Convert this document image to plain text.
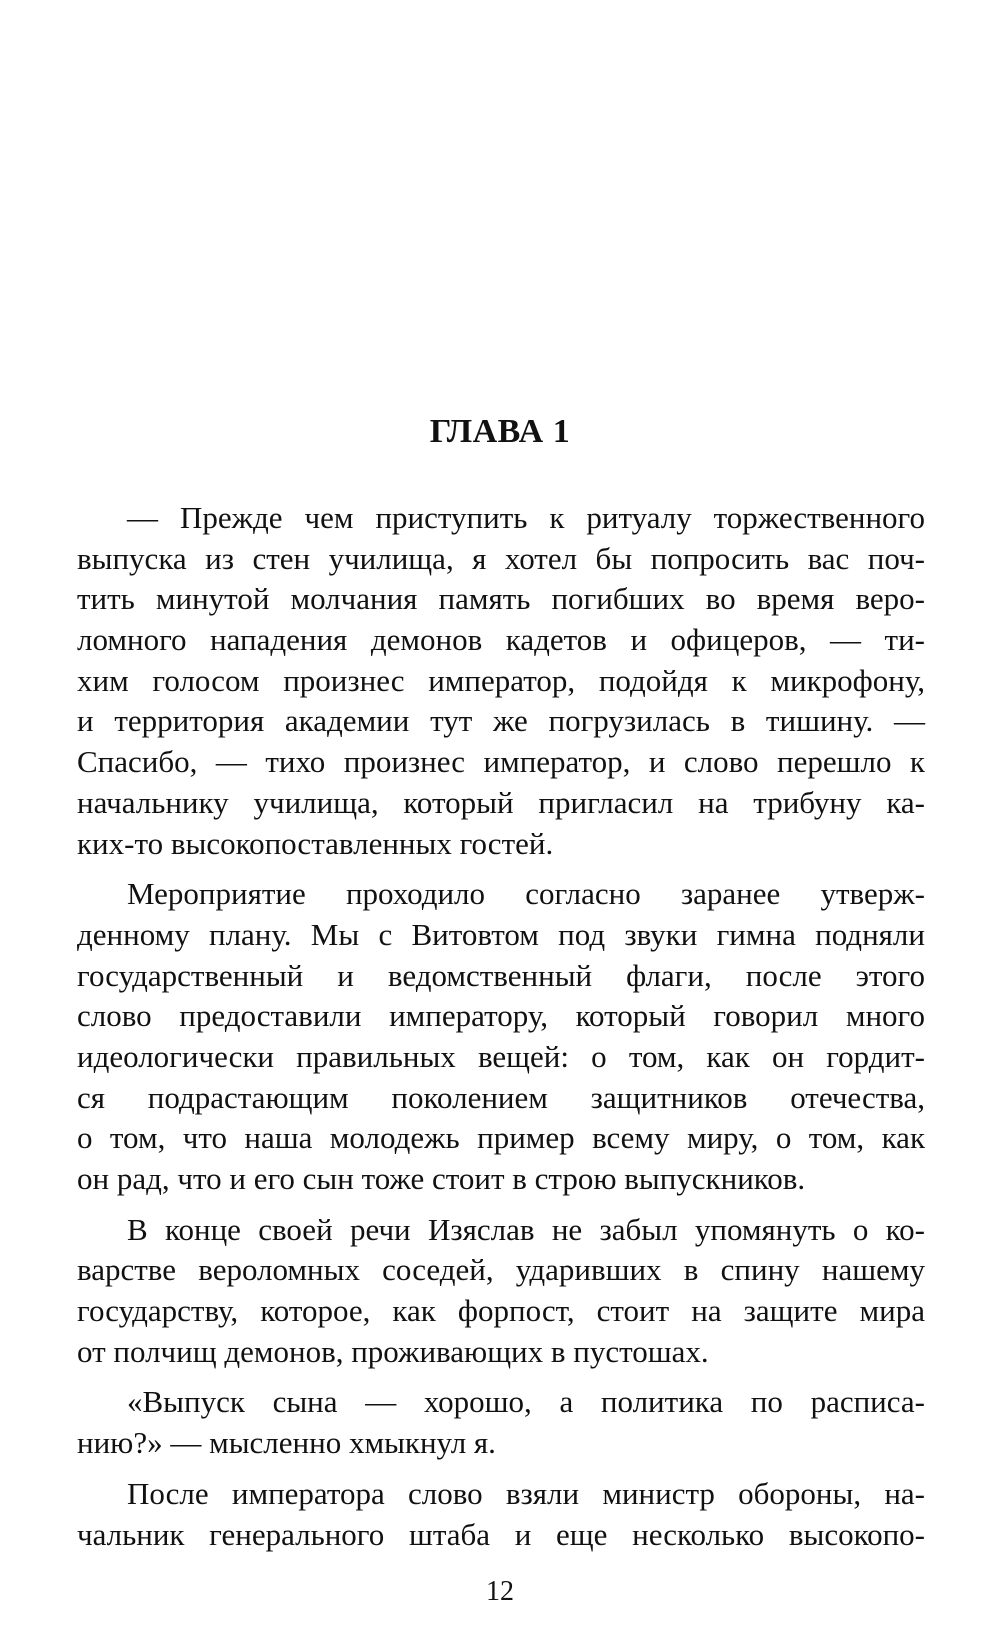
ГЛАВА 1
— Прежде чем приступить к ритуалу торжественного
выпуска из стен училища, я хотел бы попросить вас поч-
тить минутой молчания память погибших во время веро-
ломного нападения демонов кадетов и офицеров, — ти-
хим голосом произнес император, подойдя к микрофону,
и территория академии тут же погрузилась в тишину. —
Спасибо, — тихо произнес император, и слово перешло к
начальнику училища, который пригласил на трибуну ка-
ких-то высокопоставленных гостей.
Мероприятие проходило согласно заранее утверж-
денному плану. Мы с Витовтом под звуки гимна подняли
государственный и ведомственный флаги, после этого
слово предоставили императору, который говорил много
идеологически правильных вещей: о том, как он гордит-
ся подрастающим поколением защитников отечества,
о том, что наша молодежь пример всему миру, о том, как
он рад, что и его сын тоже стоит в строю выпускников.
В конце своей речи Изяслав не забыл упомянуть о ко-
варстве вероломных соседей, ударивших в спину нашему
государству, которое, как форпост, стоит на защите мира
от полчищ демонов, проживающих в пустошах.
«Выпуск сына — хорошо, а политика по расписа-
нию?» — мысленно хмыкнул я.
После императора слово взяли министр обороны, на-
чальник генерального штаба и еще несколько высокопо-
12
